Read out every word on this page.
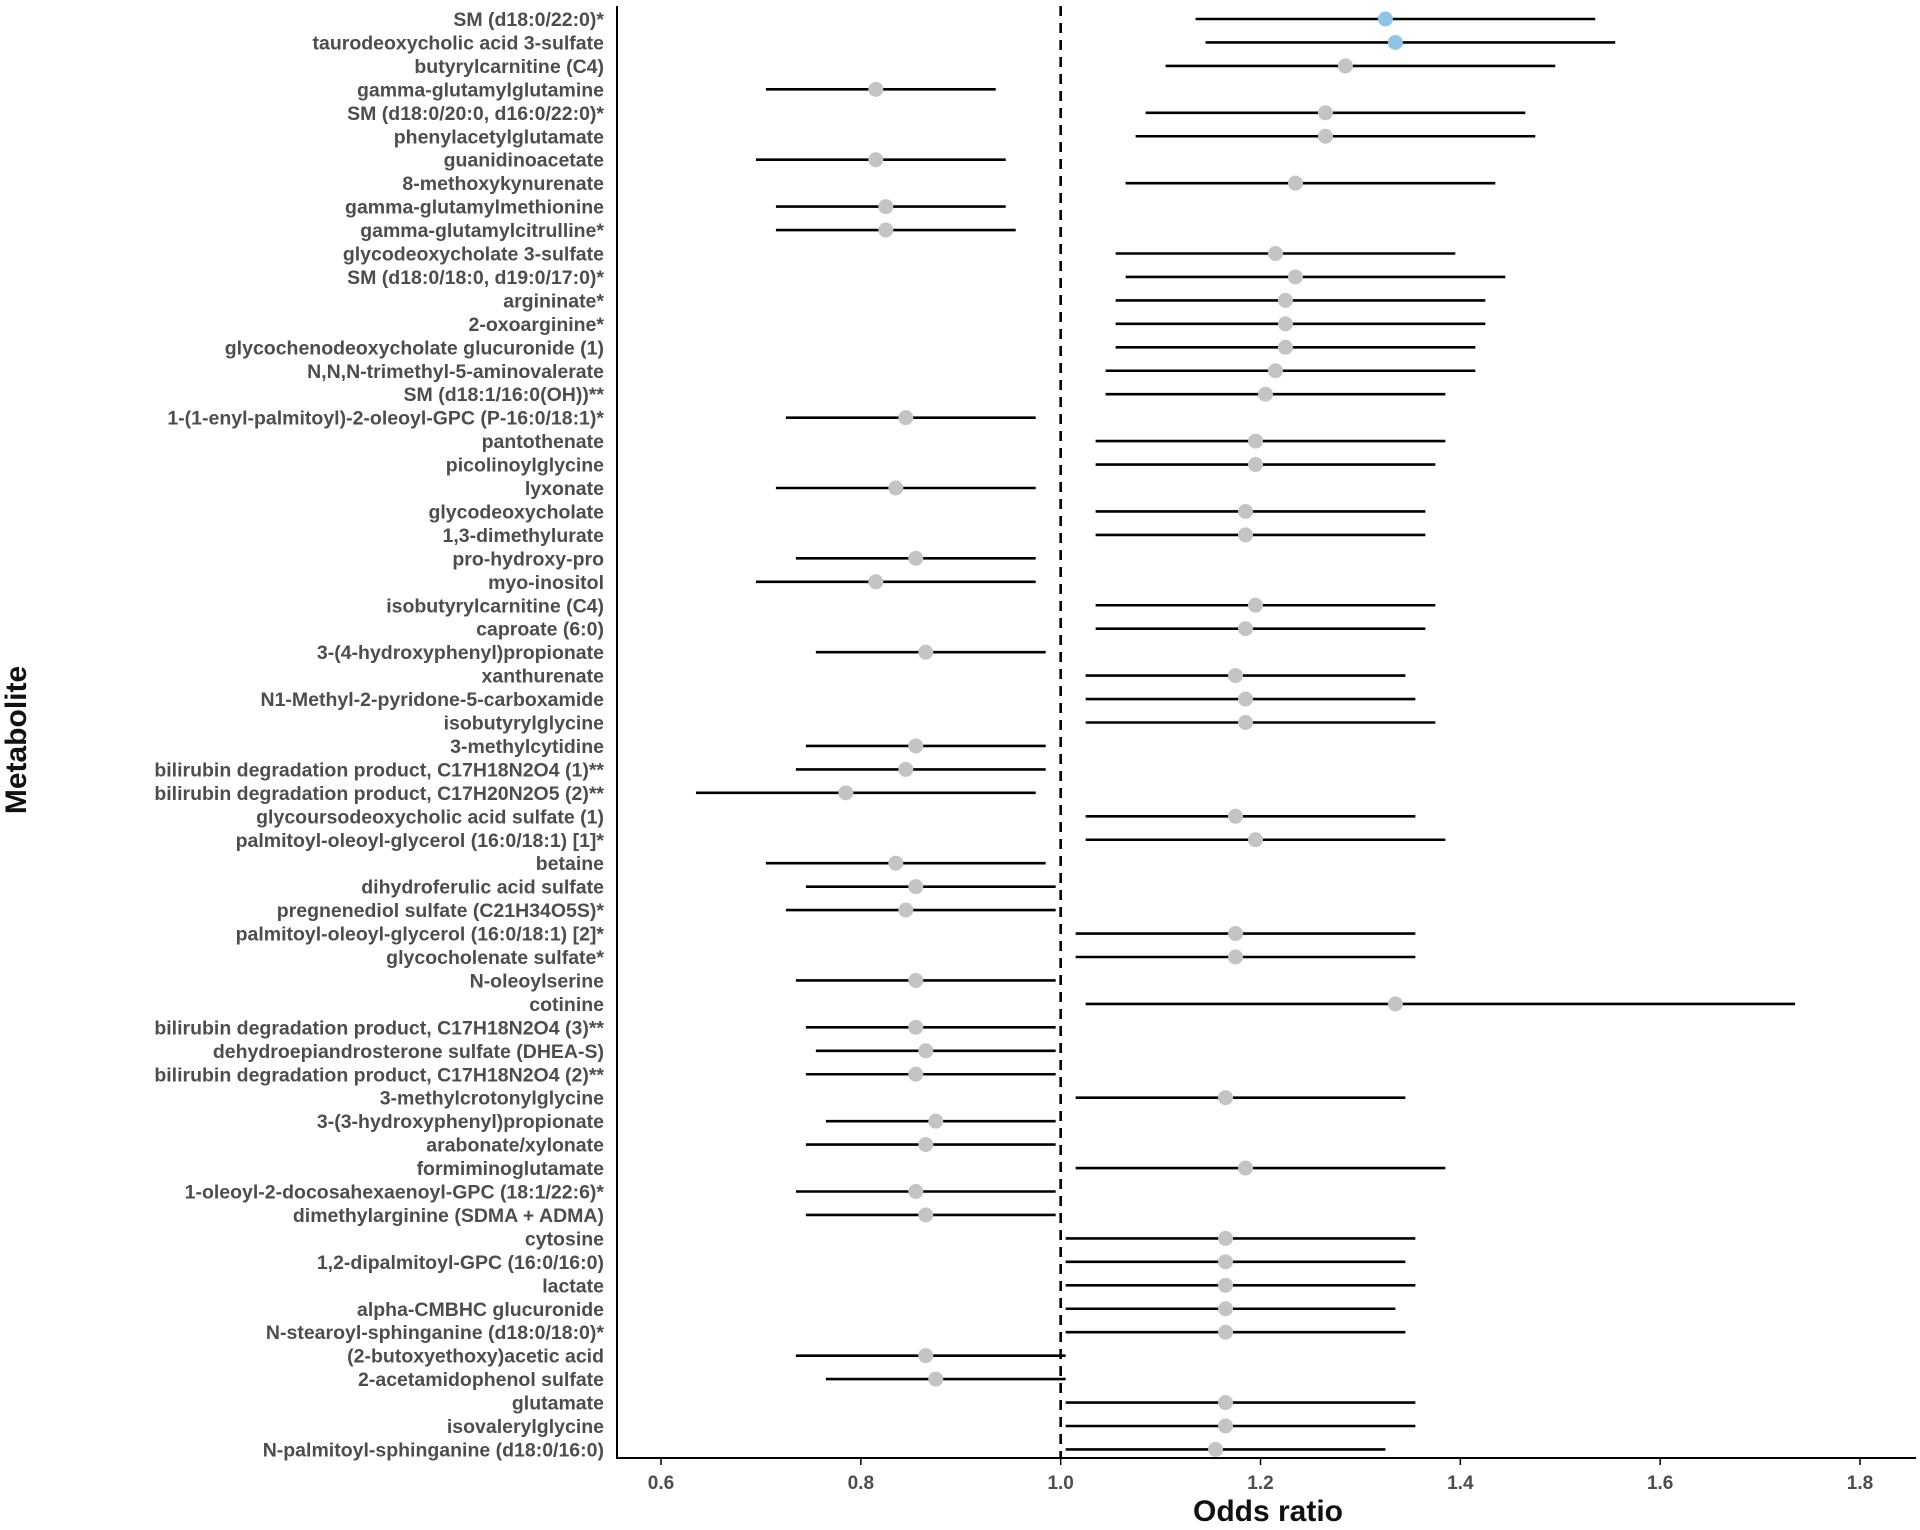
SM (d18:0/22:0)*
taurodeoxycholic acid 3-sulfate
butyrylcarnitine (C4)
gamma-glutamylglutamine
SM (d18:0/20:0, d16:0/22:0)*
phenylacetylglutamate
guanidinoacetate
8-methoxykynurenate
gamma-glutamylmethionine
gamma-glutamylcitrulline*
glycodeoxycholate 3-sulfate
SM (d18:0/18:0, d19:0/17:0)*
argininate*
2-oxoarginine*
glycochenodeoxycholate glucuronide (1)
N,N,N-trimethyl-5-aminovalerate
SM (d18:1/16:0(OH))**
1-(1-enyl-palmitoyl)-2-oleoyl-GPC (P-16:0/18:1)*
pantothenate
picolinoylglycine
lyxonate
glycodeoxycholate
1,3-dimethylurate
pro-hydroxy-pro
myo-inositol
isobutyrylcarnitine (C4)
caproate (6:0)
3-(4-hydroxyphenyl)propionate
xanthurenate
N1-Methyl-2-pyridone-5-carboxamide
isobutyrylglycine
3-methylcytidine
bilirubin degradation product, C17H18N2O4 (1)**
bilirubin degradation product, C17H20N2O5 (2)**
glycoursodeoxycholic acid sulfate (1)
palmitoyl-oleoyl-glycerol (16:0/18:1) [1]*
betaine
dihydroferulic acid sulfate
pregnenediol sulfate (C21H34O5S)*
palmitoyl-oleoyl-glycerol (16:0/18:1) [2]*
glycocholenate sulfate*
N-oleoylserine
cotinine
bilirubin degradation product, C17H18N2O4 (3)**
dehydroepiandrosterone sulfate (DHEA-S)
bilirubin degradation product, C17H18N2O4 (2)**
3-methylcrotonylglycine
3-(3-hydroxyphenyl)propionate
arabonate/xylonate
formiminoglutamate
1-oleoyl-2-docosahexaenoyl-GPC (18:1/22:6)*
dimethylarginine (SDMA + ADMA)
cytosine
1,2-dipalmitoyl-GPC (16:0/16:0)
lactate
alpha-CMBHC glucuronide
N-stearoyl-sphinganine (d18:0/18:0)*
(2-butoxyethoxy)acetic acid
2-acetamidophenol sulfate
glutamate
isovalerylglycine
N-palmitoyl-sphinganine (d18:0/16:0)
0.6	0.8	1.0	1.2	1.4	1.6	1.8
Odds ratio
Metabolite
